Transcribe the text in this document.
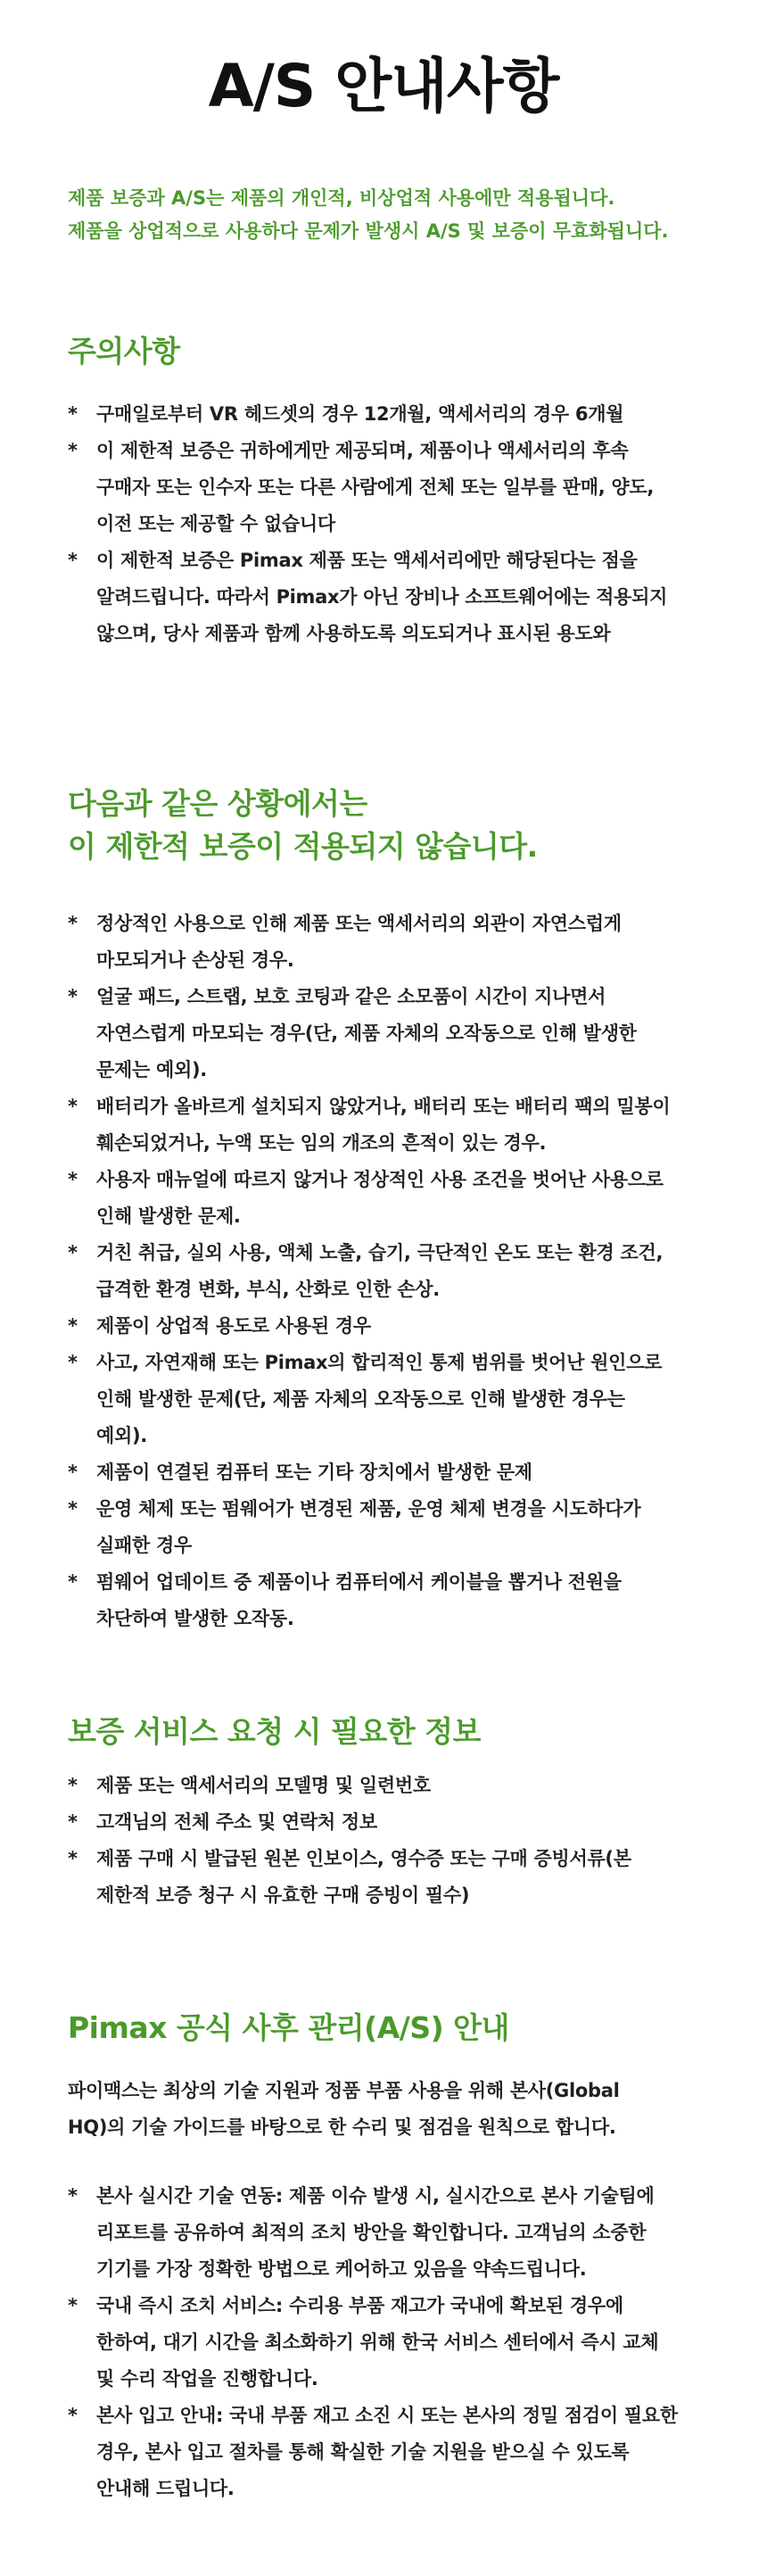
A/S 안내사항
제품 보증과 A/S는 제품의 개인적, 비상업적 사용에만 적용됩니다.
제품을 상업적으로 사용하다 문제가 발생시 A/S 및 보증이 무효화됩니다.
주의사항
* 구매일로부터 VR 헤드셋의 경우 12개월, 액세서리의 경우 6개월
* 이 제한적 보증은 귀하에게만 제공되며, 제품이나 액세서리의 후속
구매자 또는 인수자 또는 다른 사람에게 전체 또는 일부를 판매, 양도,
이전 또는 제공할 수 없습니다
* 이 제한적 보증은 Pimax 제품 또는 액세서리에만 해당된다는 점을
알려드립니다. 따라서 Pimax가 아닌 장비나 소프트웨어에는 적용되지
않으며, 당사 제품과 함께 사용하도록 의도되거나 표시된 용도와
다음과 같은 상황에서는
이 제한적 보증이 적용되지 않습니다.
* 정상적인 사용으로 인해 제품 또는 액세서리의 외관이 자연스럽게
마모되거나 손상된 경우.
* 얼굴 패드, 스트랩, 보호 코팅과 같은 소모품이 시간이 지나면서
자연스럽게 마모되는 경우(단, 제품 자체의 오작동으로 인해 발생한
문제는 예외).
* 배터리가 올바르게 설치되지 않았거나, 배터리 또는 배터리 팩의 밀봉이
훼손되었거나, 누액 또는 임의 개조의 흔적이 있는 경우.
* 사용자 매뉴얼에 따르지 않거나 정상적인 사용 조건을 벗어난 사용으로
인해 발생한 문제.
* 거친 취급, 실외 사용, 액체 노출, 습기, 극단적인 온도 또는 환경 조건,
급격한 환경 변화, 부식, 산화로 인한 손상.
* 제품이 상업적 용도로 사용된 경우
* 사고, 자연재해 또는 Pimax의 합리적인 통제 범위를 벗어난 원인으로
인해 발생한 문제(단, 제품 자체의 오작동으로 인해 발생한 경우는
예외).
* 제품이 연결된 컴퓨터 또는 기타 장치에서 발생한 문제
* 운영 체제 또는 펌웨어가 변경된 제품, 운영 체제 변경을 시도하다가
실패한 경우
* 펌웨어 업데이트 중 제품이나 컴퓨터에서 케이블을 뽑거나 전원을
차단하여 발생한 오작동.
보증 서비스 요청 시 필요한 정보
* 제품 또는 액세서리의 모델명 및 일련번호
* 고객님의 전체 주소 및 연락처 정보
* 제품 구매 시 발급된 원본 인보이스, 영수증 또는 구매 증빙서류(본
제한적 보증 청구 시 유효한 구매 증빙이 필수)
Pimax 공식 사후 관리(A/S) 안내
파이맥스는 최상의 기술 지원과 정품 부품 사용을 위해 본사(Global
HQ)의 기술 가이드를 바탕으로 한 수리 및 점검을 원칙으로 합니다.
* 본사 실시간 기술 연동: 제품 이슈 발생 시, 실시간으로 본사 기술팀에
리포트를 공유하여 최적의 조치 방안을 확인합니다. 고객님의 소중한
기기를 가장 정확한 방법으로 케어하고 있음을 약속드립니다.
* 국내 즉시 조치 서비스: 수리용 부품 재고가 국내에 확보된 경우에
한하여, 대기 시간을 최소화하기 위해 한국 서비스 센터에서 즉시 교체
및 수리 작업을 진행합니다.
* 본사 입고 안내: 국내 부품 재고 소진 시 또는 본사의 정밀 점검이 필요한
경우, 본사 입고 절차를 통해 확실한 기술 지원을 받으실 수 있도록
안내해 드립니다.
